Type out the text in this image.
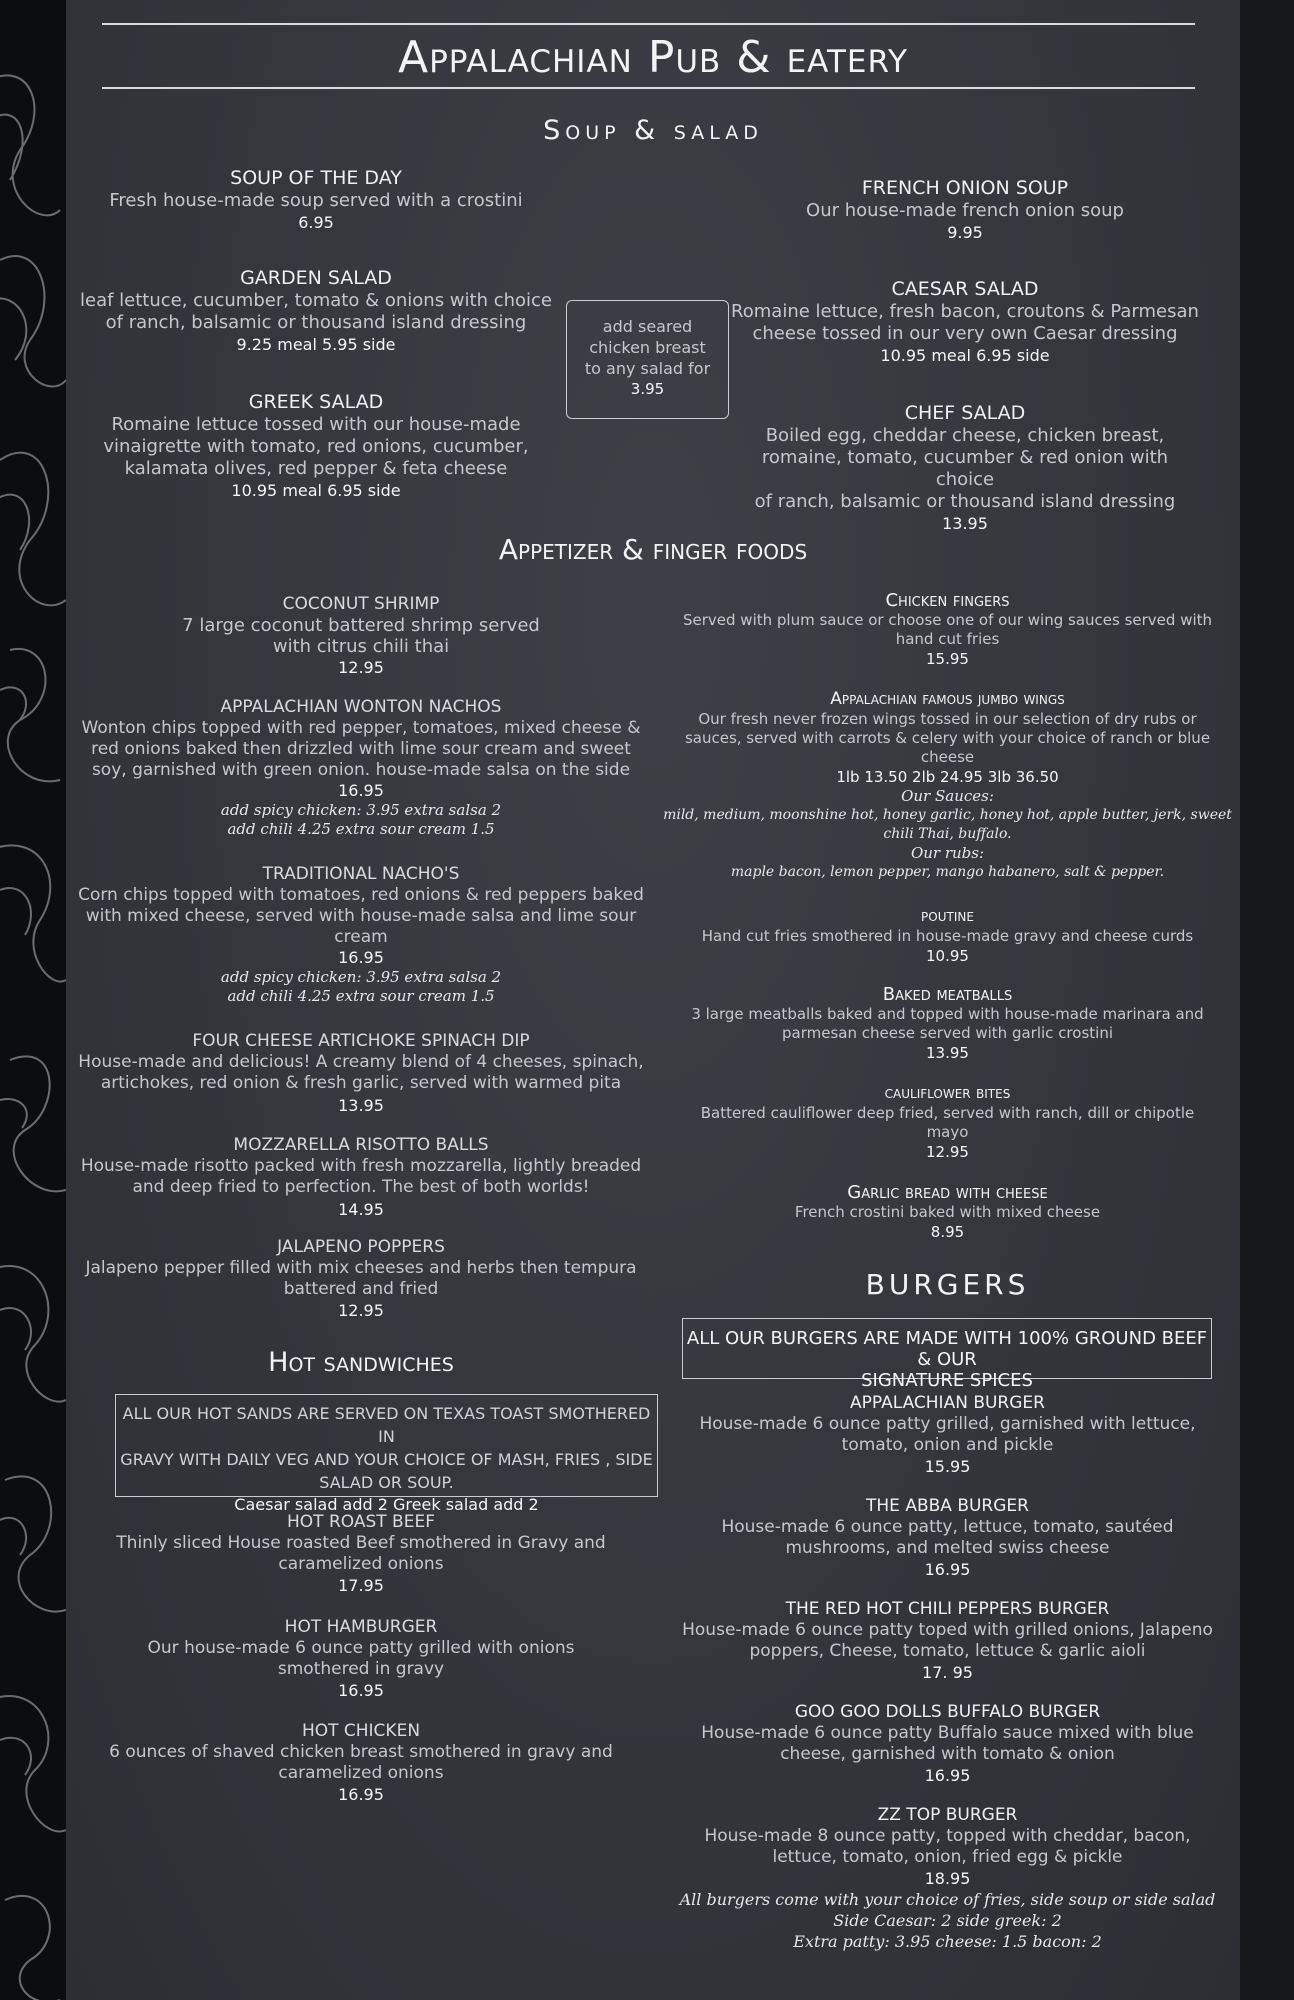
Appalachian Pub & eatery
Soup & salad
SOUP OF THE DAY
Fresh house-made soup served with a crostini
6.95
GARDEN SALAD
leaf lettuce, cucumber, tomato & onions with choice
of ranch, balsamic or thousand island dressing
9.25 meal 5.95 side
GREEK SALAD
Romaine lettuce tossed with our house-made
vinaigrette with tomato, red onions, cucumber,
kalamata olives, red pepper & feta cheese
10.95 meal 6.95 side
add seared
chicken breast
to any salad for
3.95
FRENCH ONION SOUP
Our house-made french onion soup
9.95
CAESAR SALAD
Romaine lettuce, fresh bacon, croutons & Parmesan
cheese tossed in our very own Caesar dressing
10.95 meal 6.95 side
CHEF SALAD
Boiled egg, cheddar cheese, chicken breast,
romaine, tomato, cucumber & red onion with choice
of ranch, balsamic or thousand island dressing
13.95
Appetizer & finger foods
COCONUT SHRIMP
7 large coconut battered shrimp served
with citrus chili thai
12.95
APPALACHIAN WONTON NACHOS
Wonton chips topped with red pepper, tomatoes, mixed cheese &
red onions baked then drizzled with lime sour cream and sweet
soy, garnished with green onion. house-made salsa on the side
16.95
add spicy chicken: 3.95 extra salsa 2
add chili 4.25 extra sour cream 1.5
TRADITIONAL NACHO'S
Corn chips topped with tomatoes, red onions & red peppers baked
with mixed cheese, served with house-made salsa and lime sour
cream
16.95
add spicy chicken: 3.95 extra salsa 2
add chili 4.25 extra sour cream 1.5
FOUR CHEESE ARTICHOKE SPINACH DIP
House-made and delicious! A creamy blend of 4 cheeses, spinach,
artichokes, red onion & fresh garlic, served with warmed pita
13.95
MOZZARELLA RISOTTO BALLS
House-made risotto packed with fresh mozzarella, lightly breaded
and deep fried to perfection. The best of both worlds!
14.95
JALAPENO POPPERS
Jalapeno pepper filled with mix cheeses and herbs then tempura
battered and fried
12.95
Chicken fingers
Served with plum sauce or choose one of our wing sauces served with
hand cut fries
15.95
Appalachian famous jumbo wings
Our fresh never frozen wings tossed in our selection of dry rubs or
sauces, served with carrots & celery with your choice of ranch or blue
cheese
1lb 13.50 2lb 24.95 3lb 36.50
Our Sauces:
mild, medium, moonshine hot, honey garlic, honey hot, apple butter, jerk, sweet
chili Thai, buffalo.
Our rubs:
maple bacon, lemon pepper, mango habanero, salt & pepper.
poutine
Hand cut fries smothered in house-made gravy and cheese curds
10.95
Baked meatballs
3 large meatballs baked and topped with house-made marinara and
parmesan cheese served with garlic crostini
13.95
cauliflower bites
Battered cauliflower deep fried, served with ranch, dill or chipotle
mayo
12.95
Garlic bread with cheese
French crostini baked with mixed cheese
8.95
BURGERS
ALL OUR BURGERS ARE MADE WITH 100% GROUND BEEF & OUR
SIGNATURE SPICES
APPALACHIAN BURGER
House-made 6 ounce patty grilled, garnished with lettuce,
tomato, onion and pickle
15.95
THE ABBA BURGER
House-made 6 ounce patty, lettuce, tomato, sautéed
mushrooms, and melted swiss cheese
16.95
THE RED HOT CHILI PEPPERS BURGER
House-made 6 ounce patty toped with grilled onions, Jalapeno
poppers, Cheese, tomato, lettuce & garlic aioli
17. 95
GOO GOO DOLLS BUFFALO BURGER
House-made 6 ounce patty Buffalo sauce mixed with blue
cheese, garnished with tomato & onion
16.95
ZZ TOP BURGER
House-made 8 ounce patty, topped with cheddar, bacon,
lettuce, tomato, onion, fried egg & pickle
18.95
All burgers come with your choice of fries, side soup or side salad
Side Caesar: 2 side greek: 2
Extra patty: 3.95 cheese: 1.5 bacon: 2
Hot sandwiches
ALL OUR HOT SANDS ARE SERVED ON TEXAS TOAST SMOTHERED IN
GRAVY WITH DAILY VEG AND YOUR CHOICE OF MASH, FRIES , SIDE
SALAD OR SOUP.
Caesar salad add 2 Greek salad add 2
HOT ROAST BEEF
Thinly sliced House roasted Beef smothered in Gravy and
caramelized onions
17.95
HOT HAMBURGER
Our house-made 6 ounce patty grilled with onions
smothered in gravy
16.95
HOT CHICKEN
6 ounces of shaved chicken breast smothered in gravy and
caramelized onions
16.95
